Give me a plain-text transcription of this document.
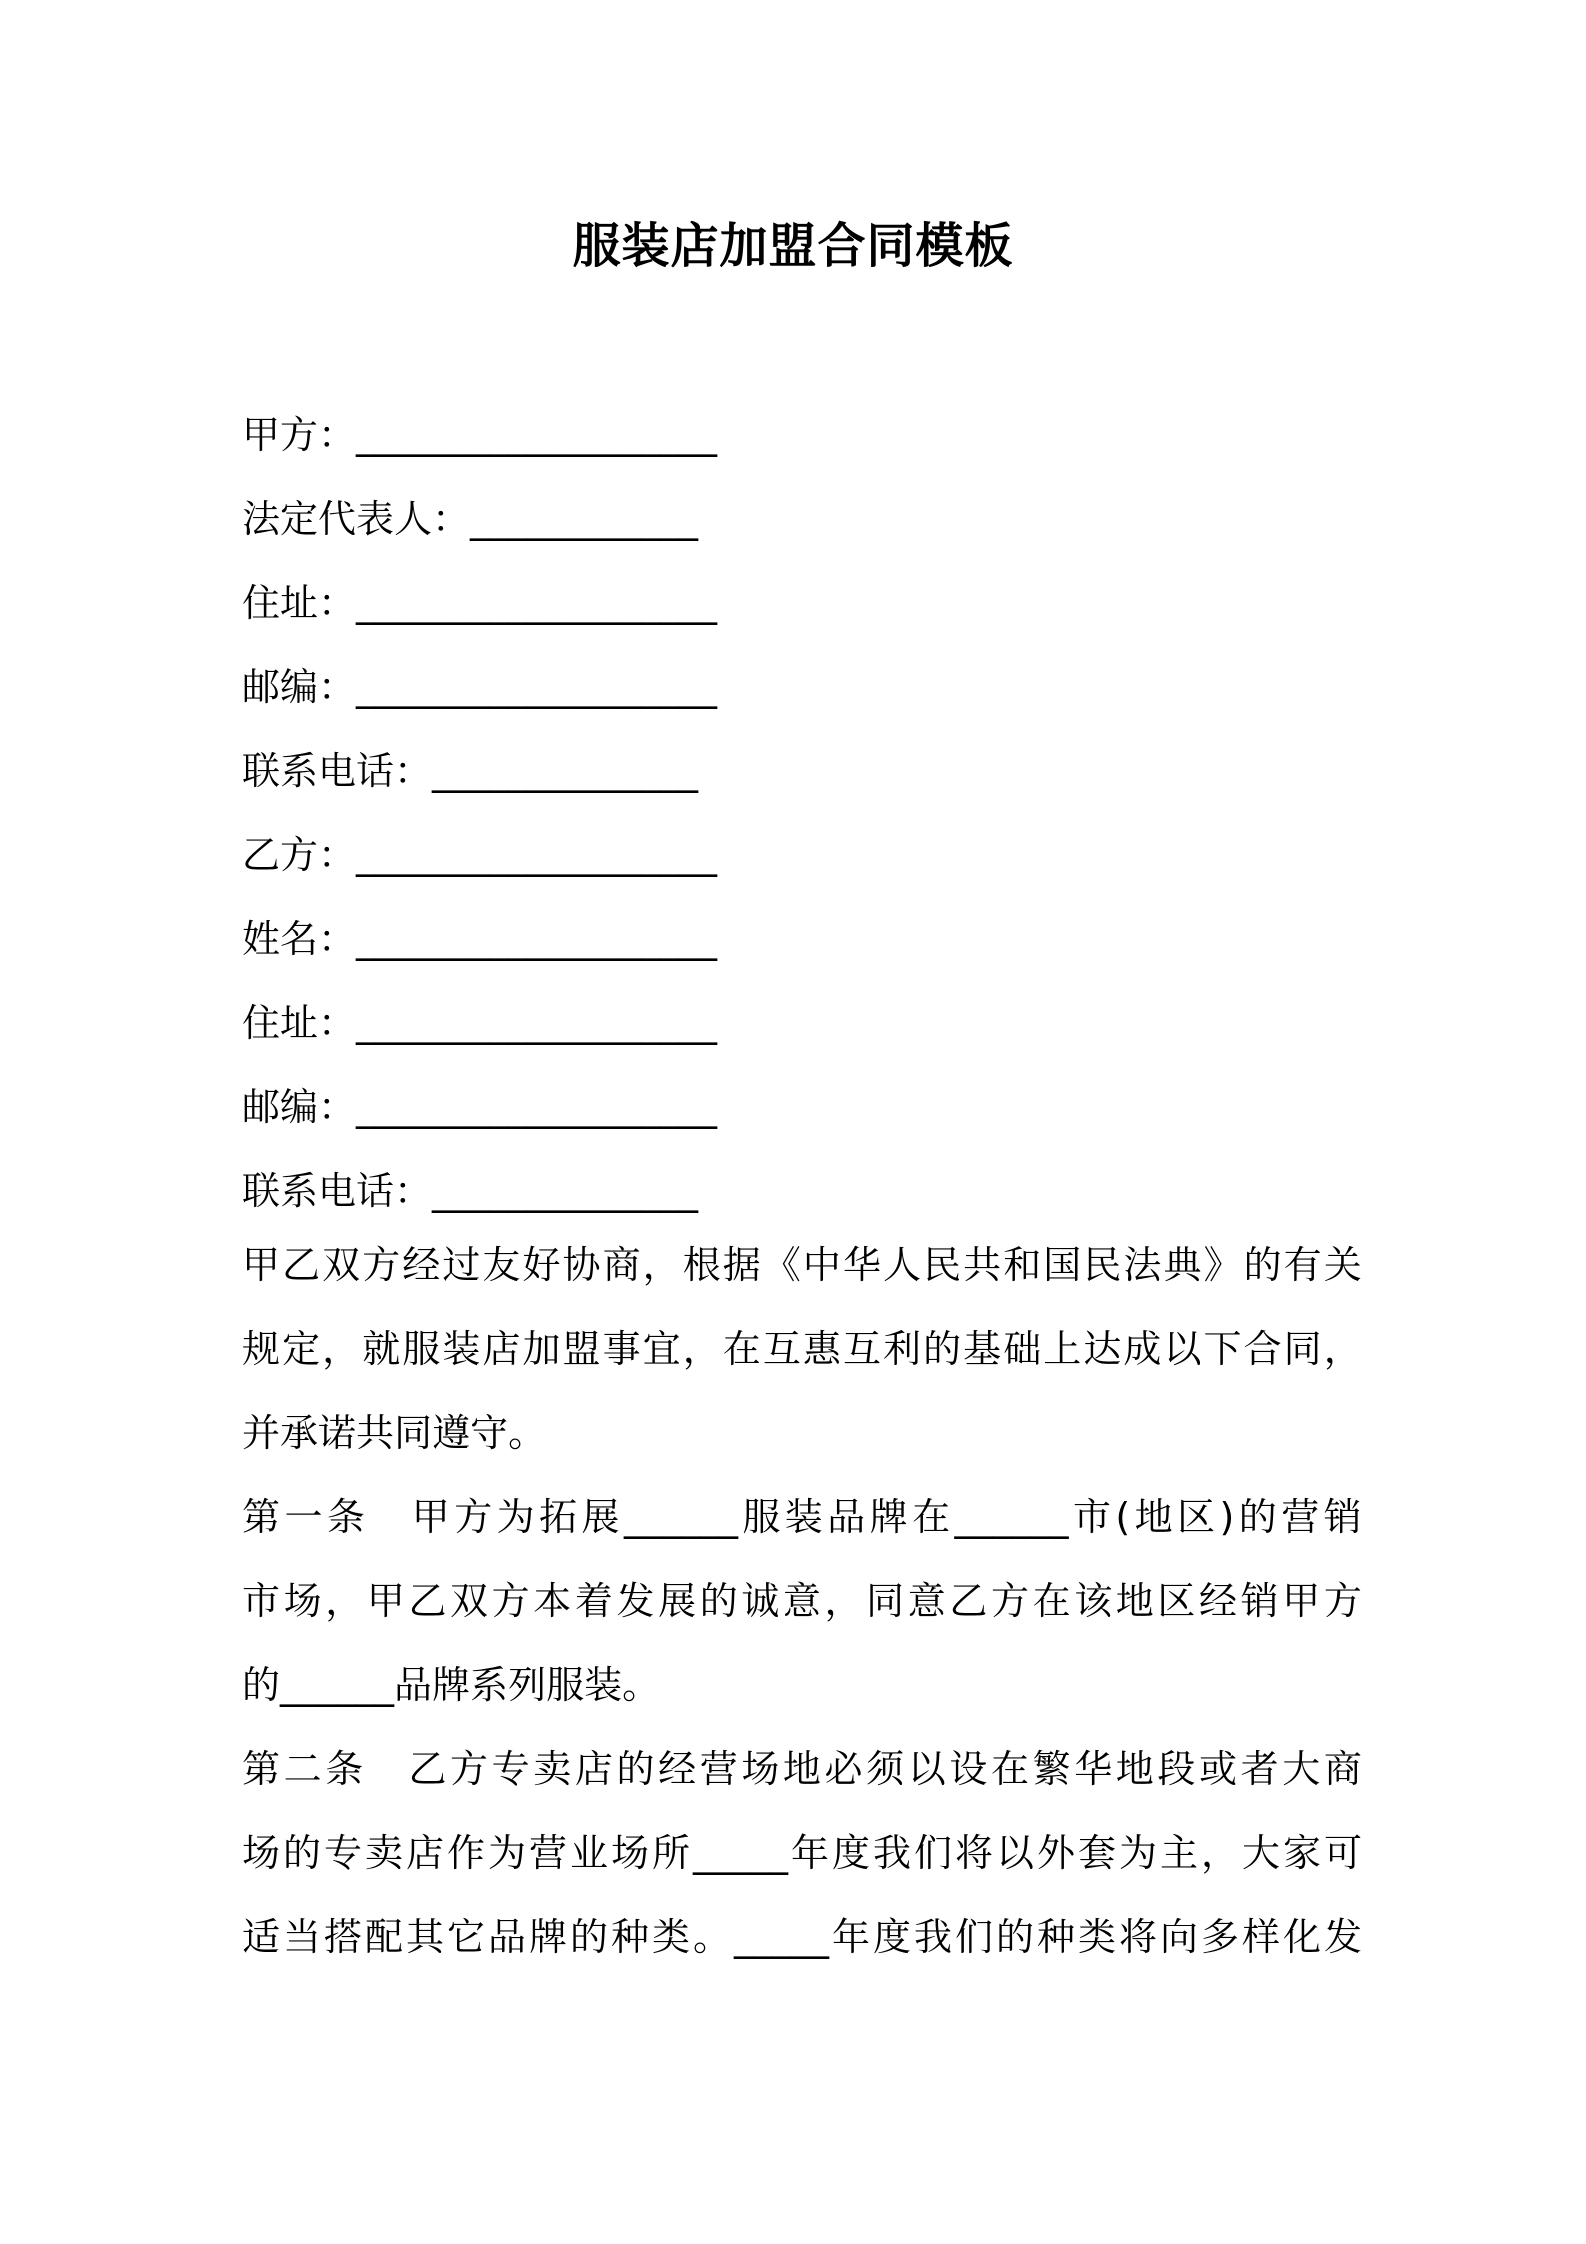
服装店加盟合同模板
甲方：___________________
法定代表人：____________
住址：___________________
邮编：___________________
联系电话：______________
乙方：___________________
姓名：___________________
住址：___________________
邮编：___________________
联系电话：______________
甲 乙 双 方 经 过 友 好 协 商 ， 根 据 《 中 华 人 民 共 和 国 民 法 典 》 的 有 关
规 定 ， 就 服 装 店 加 盟 事 宜 ， 在 互 惠 互 利 的 基 础 上 达 成 以 下 合 同 ，
并 承 诺 共 同 遵 守 。
第 一 条
　 甲 方 为 拓 展 ______ 服 装 品 牌 在 ______ 市 ( 地 区 ) 的 营 销
市 场 ， 甲 乙 双 方 本 着 发 展 的 诚 意 ， 同 意 乙 方 在 该 地 区 经 销 甲 方
的 ______ 品 牌 系 列 服 装 。
第 二 条
　 乙 方 专 卖 店 的 经 营 场 地 必 须 以 设 在 繁 华 地 段 或 者 大 商
场 的 专 卖 店 作 为 营 业 场 所 _____ 年 度 我 们 将 以 外 套 为 主 ， 大 家 可
适 当 搭 配 其 它 品 牌 的 种 类 。 _____ 年 度 我 们 的 种 类 将 向 多 样 化 发
